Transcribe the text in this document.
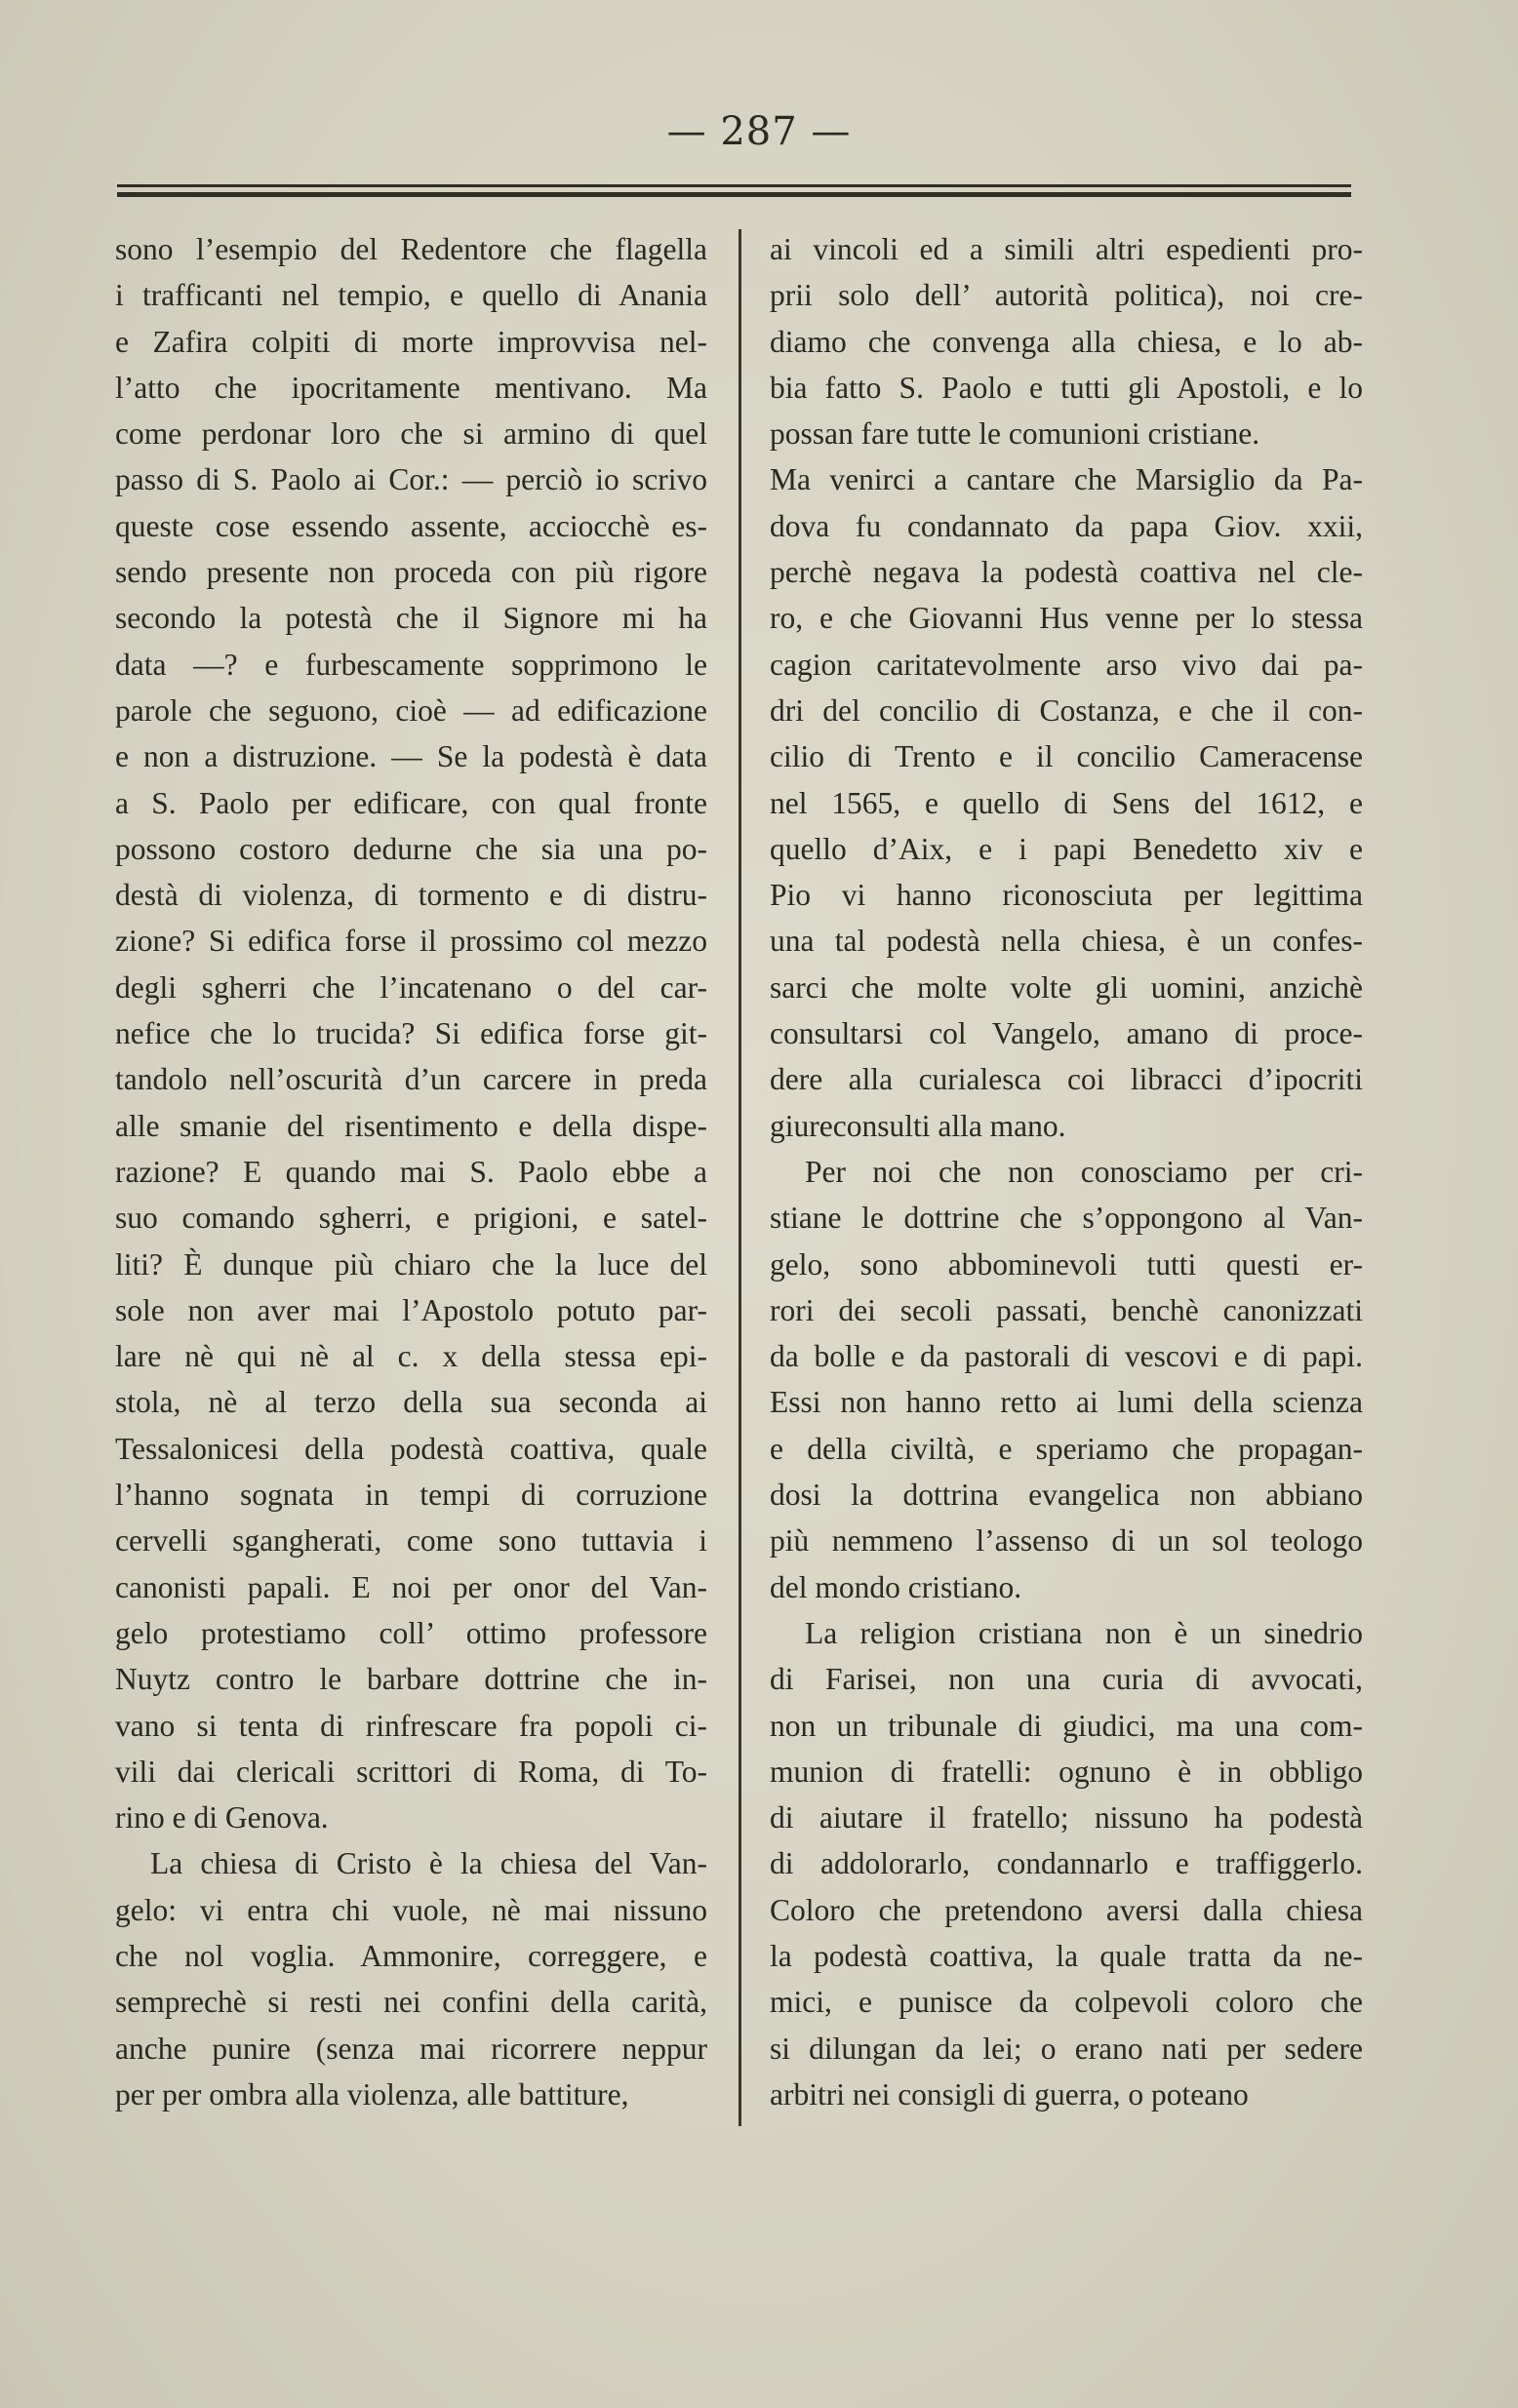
— 287 —
sono l’esempio del Redentore che flagella
i trafficanti nel tempio, e quello di Anania
e Zafira colpiti di morte improvvisa nel-
l’atto che ipocritamente mentivano. Ma
come perdonar loro che si armino di quel
passo di S. Paolo ai Cor.: — perciò io scrivo
queste cose essendo assente, acciocchè es-
sendo presente non proceda con più rigore
secondo la potestà che il Signore mi ha
data —? e furbescamente sopprimono le
parole che seguono, cioè — ad edificazione
e non a distruzione. — Se la podestà è data
a S. Paolo per edificare, con qual fronte
possono costoro dedurne che sia una po-
destà di violenza, di tormento e di distru-
zione? Si edifica forse il prossimo col mezzo
degli sgherri che l’incatenano o del car-
nefice che lo trucida? Si edifica forse git-
tandolo nell’oscurità d’un carcere in preda
alle smanie del risentimento e della dispe-
razione? E quando mai S. Paolo ebbe a
suo comando sgherri, e prigioni, e satel-
liti? È dunque più chiaro che la luce del
sole non aver mai l’Apostolo potuto par-
lare nè qui nè al c. x della stessa epi-
stola, nè al terzo della sua seconda ai
Tessalonicesi della podestà coattiva, quale
l’hanno sognata in tempi di corruzione
cervelli sgangherati, come sono tuttavia i
canonisti papali. E noi per onor del Van-
gelo protestiamo coll’ ottimo professore
Nuytz contro le barbare dottrine che in-
vano si tenta di rinfrescare fra popoli ci-
vili dai clericali scrittori di Roma, di To-
rino e di Genova.
La chiesa di Cristo è la chiesa del Van-
gelo: vi entra chi vuole, nè mai nissuno
che nol voglia. Ammonire, correggere, e
semprechè si resti nei confini della carità,
anche punire (senza mai ricorrere neppur
per per ombra alla violenza, alle battiture,
ai vincoli ed a simili altri espedienti pro-
prii solo dell’ autorità politica), noi cre-
diamo che convenga alla chiesa, e lo ab-
bia fatto S. Paolo e tutti gli Apostoli, e lo
possan fare tutte le comunioni cristiane.
Ma venirci a cantare che Marsiglio da Pa-
dova fu condannato da papa Giov. xxii,
perchè negava la podestà coattiva nel cle-
ro, e che Giovanni Hus venne per lo stessa
cagion caritatevolmente arso vivo dai pa-
dri del concilio di Costanza, e che il con-
cilio di Trento e il concilio Cameracense
nel 1565, e quello di Sens del 1612, e
quello d’Aix, e i papi Benedetto xiv e
Pio vi hanno riconosciuta per legittima
una tal podestà nella chiesa, è un confes-
sarci che molte volte gli uomini, anzichè
consultarsi col Vangelo, amano di proce-
dere alla curialesca coi libracci d’ipocriti
giureconsulti alla mano.
Per noi che non conosciamo per cri-
stiane le dottrine che s’oppongono al Van-
gelo, sono abbominevoli tutti questi er-
rori dei secoli passati, benchè canonizzati
da bolle e da pastorali di vescovi e di papi.
Essi non hanno retto ai lumi della scienza
e della civiltà, e speriamo che propagan-
dosi la dottrina evangelica non abbiano
più nemmeno l’assenso di un sol teologo
del mondo cristiano.
La religion cristiana non è un sinedrio
di Farisei, non una curia di avvocati,
non un tribunale di giudici, ma una com-
munion di fratelli: ognuno è in obbligo
di aiutare il fratello; nissuno ha podestà
di addolorarlo, condannarlo e traffiggerlo.
Coloro che pretendono aversi dalla chiesa
la podestà coattiva, la quale tratta da ne-
mici, e punisce da colpevoli coloro che
si dilungan da lei; o erano nati per sedere
arbitri nei consigli di guerra, o poteano
